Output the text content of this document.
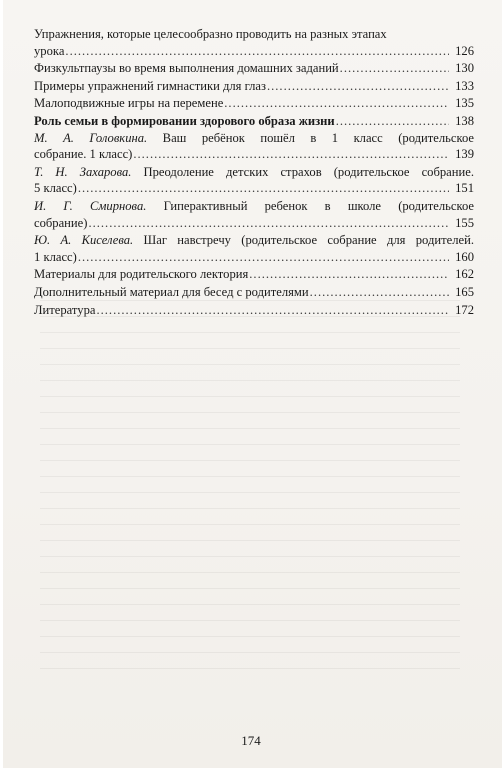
Упражнения, которые целесообразно проводить на разных этапах
урока .....	126
Физкультпаузы во время выполнения домашних заданий .....	130
Примеры упражнений гимнастики для глаз .....	133
Малоподвижные игры на перемене .....	135
Роль семьи в формировании здорового образа жизни .....	138
М. А. Головкина. Ваш ребёнок пошёл в 1 класс (родительское
собрание. 1 класс) .....	139
Т. Н. Захарова. Преодоление детских страхов (родительское собрание.
5 класс) .....	151
И. Г. Смирнова. Гиперактивный ребенок в школе (родительское
собрание) .....	155
Ю. А. Киселева. Шаг навстречу (родительское собрание для родителей.
1 класс) .....	160
Материалы для родительского лектория .....	162
Дополнительный материал для бесед с родителями .....	165
Литература .....	172
174
